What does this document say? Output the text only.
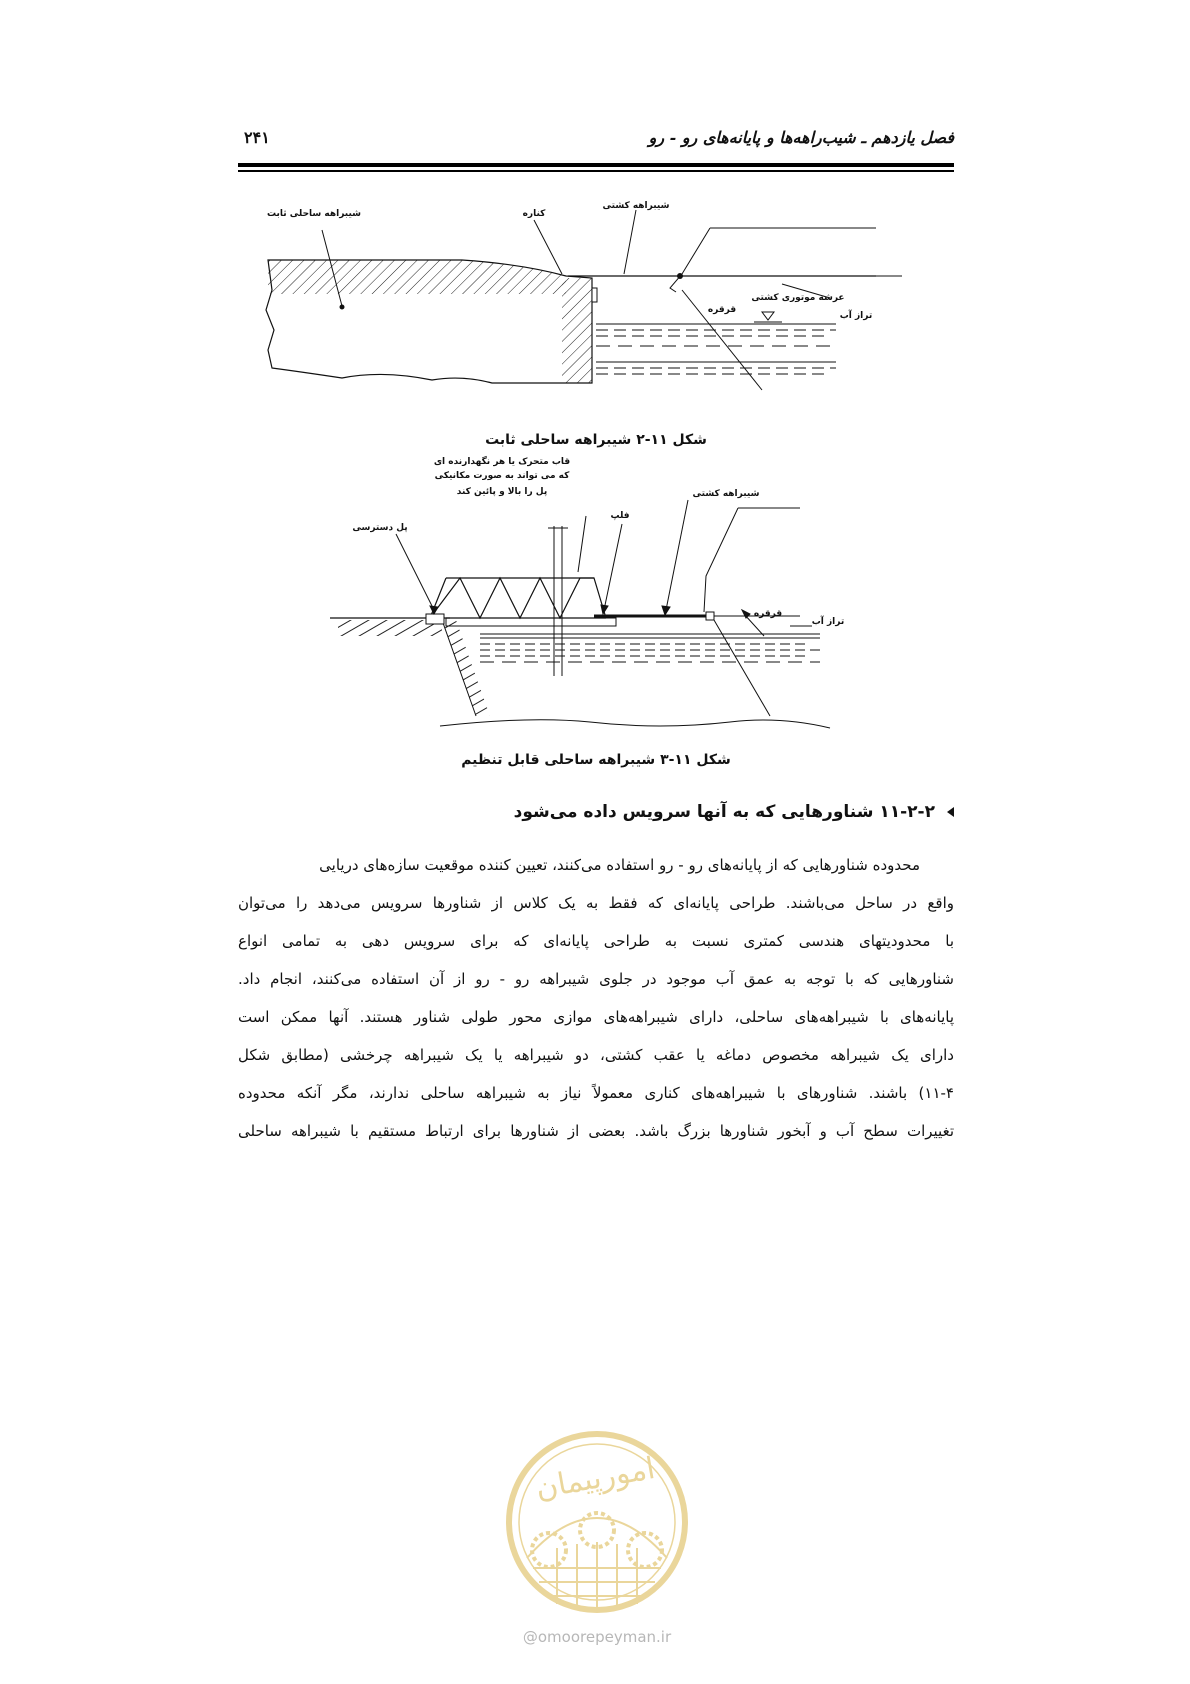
فصل یازدهم ـ شیب‌راهه‌ها و پایانه‌های رو - رو
۲۴۱
شیبراهه ساحلی ثابت	کناره
شیبراهه کشتی
عرشه موتوری کشتی
قرقره
تراز آب
شکل ۱۱-۲ شیبراهه ساحلی ثابت
قاب متحرک یا هر نگهدارنده ای
که می تواند به صورت مکانیکی
پل را بالا و پائین کند
پل دسترسی
فلپ
شیبراهه کشتی
قرقره
تراز آب
شکل ۱۱-۳ شیبراهه ساحلی قابل تنظیم
۱۱-۲-۲ شناورهایی که به آنها سرویس داده می‌شود
محدوده شناورهایی که از پایانه‌های رو - رو استفاده می‌کنند، تعیین کننده موقعیت سازه‌های دریایی
واقع در ساحل می‌باشند. طراحی پایانه‌ای که فقط به یک کلاس از شناورها سرویس می‌دهد را می‌توان
با محدودیتهای هندسی کمتری نسبت به طراحی پایانه‌ای که برای سرویس دهی به تمامی انواع
شناورهایی که با توجه به عمق آب موجود در جلوی شیبراهه رو - رو از آن استفاده می‌کنند، انجام داد.
پایانه‌های با شیبراهه‌های ساحلی، دارای شیبراهه‌های موازی محور طولی شناور هستند. آنها ممکن است
دارای یک شیبراهه مخصوص دماغه یا عقب کشتی، دو شیبراهه یا یک شیبراهه چرخشی (مطابق شکل
۱۱-۴) باشند. شناورهای با شیبراهه‌های کناری معمولاً نیاز به شیبراهه ساحلی ندارند، مگر آنکه محدوده
تغییرات سطح آب و آبخور شناورها بزرگ باشد. بعضی از شناورها برای ارتباط مستقیم با شیبراهه ساحلی
امورپیمان
@omoorepeyman.ir
